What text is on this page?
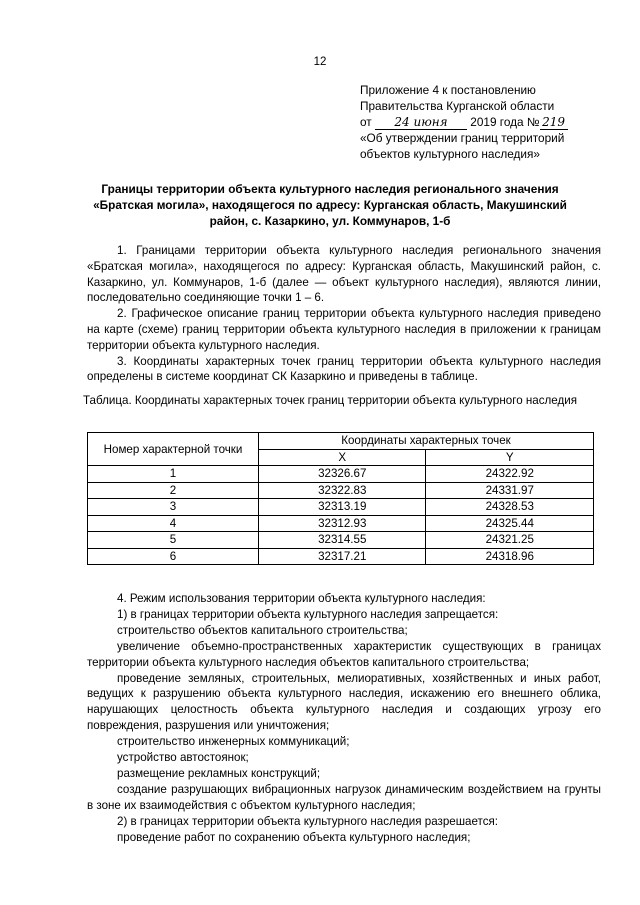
12
Приложение 4 к постановлению
Правительства Курганской области
от 24 июня 2019 года № 219
«Об утверждении границ территорий
объектов культурного наследия»
Границы территории объекта культурного наследия регионального значения «Братская могила», находящегося по адресу: Курганская область, Макушинский район, с. Казаркино, ул. Коммунаров, 1-б

1. Границами территории объекта культурного наследия регионального значения «Братская могила», находящегося по адресу: Курганская область, Макушинский район, с. Казаркино, ул. Коммунаров, 1-б (далее — объект культурного наследия), являются линии, последовательно соединяющие точки 1 – 6.

2. Графическое описание границ территории объекта культурного наследия приведено на карте (схеме) границ территории объекта культурного наследия в приложении к границам территории объекта культурного наследия.

3. Координаты характерных точек границ территории объекта культурного наследия определены в системе координат СК Казаркино и приведены в таблице.

Таблица. Координаты характерных точек границ территории объекта культурного наследия
Номер характерной точки	Координаты характерных точек	
	X	Y
1	32326.67	24322.92
2	32322.83	24331.97
3	32313.19	24328.53
4	32312.93	24325.44
5	32314.55	24321.25
6	32317.21	24318.96

4. Режим использования территории объекта культурного наследия:

1) в границах территории объекта культурного наследия запрещается:

строительство объектов капитального строительства;

увеличение объемно-пространственных характеристик существующих в границах территории объекта культурного наследия объектов капитального строительства;

проведение земляных, строительных, мелиоративных, хозяйственных и иных работ, ведущих к разрушению объекта культурного наследия, искажению его внешнего облика, нарушающих целостность объекта культурного наследия и создающих угрозу его повреждения, разрушения или уничтожения;

строительство инженерных коммуникаций;

устройство автостоянок;

размещение рекламных конструкций;

создание разрушающих вибрационных нагрузок динамическим воздействием на грунты в зоне их взаимодействия с объектом культурного наследия;

2) в границах территории объекта культурного наследия разрешается:

проведение работ по сохранению объекта культурного наследия;
